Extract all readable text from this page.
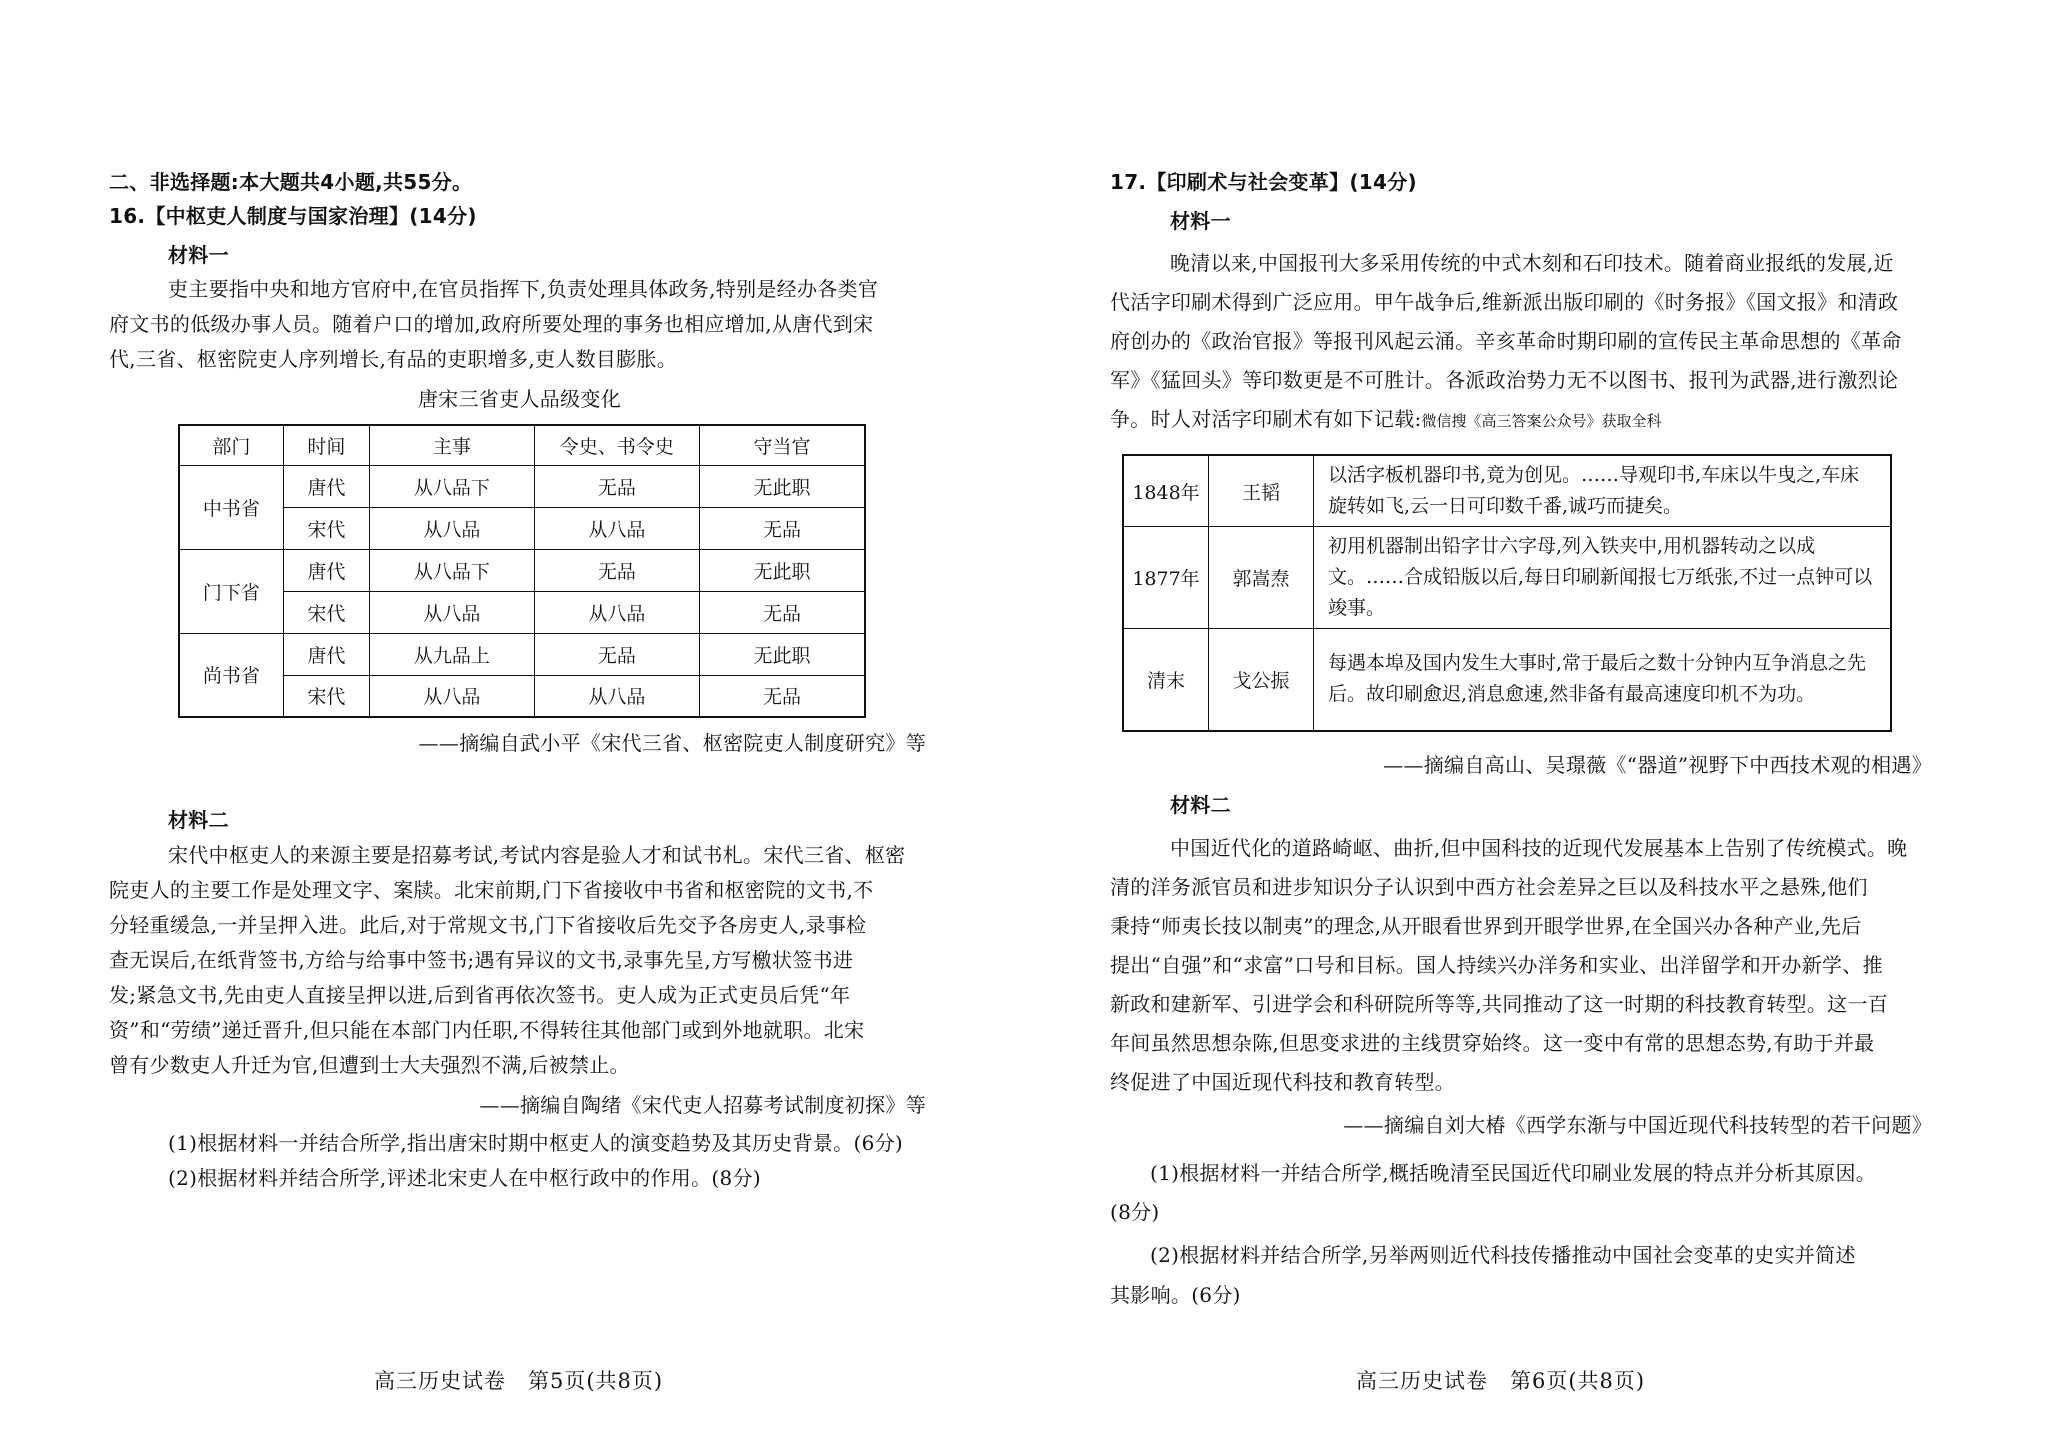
二、非选择题:本大题共4小题,共55分。
16.【中枢吏人制度与国家治理】(14分)
材料一
吏主要指中央和地方官府中,在官员指挥下,负责处理具体政务,特别是经办各类官
府文书的低级办事人员。随着户口的增加,政府所要处理的事务也相应增加,从唐代到宋
代,三省、枢密院吏人序列增长,有品的吏职增多,吏人数目膨胀。
唐宋三省吏人品级变化
部门	时间	主事	令史、书令史	守当官
中书省	唐代	从八品下	无品	无此职
	宋代	从八品	从八品	无品
门下省	唐代	从八品下	无品	无此职
	宋代	从八品	从八品	无品
尚书省	唐代	从九品上	无品	无此职
	宋代	从八品	从八品	无品
——摘编自武小平《宋代三省、枢密院吏人制度研究》等
材料二
宋代中枢吏人的来源主要是招募考试,考试内容是验人才和试书札。宋代三省、枢密
院吏人的主要工作是处理文字、案牍。北宋前期,门下省接收中书省和枢密院的文书,不
分轻重缓急,一并呈押入进。此后,对于常规文书,门下省接收后先交予各房吏人,录事检
查无误后,在纸背签书,方给与给事中签书;遇有异议的文书,录事先呈,方写檄状签书进
发;紧急文书,先由吏人直接呈押以进,后到省再依次签书。吏人成为正式吏员后凭“年
资”和“劳绩”递迁晋升,但只能在本部门内任职,不得转往其他部门或到外地就职。北宋
曾有少数吏人升迁为官,但遭到士大夫强烈不满,后被禁止。
——摘编自陶绪《宋代吏人招募考试制度初探》等
(1)根据材料一并结合所学,指出唐宋时期中枢吏人的演变趋势及其历史背景。(6分)
(2)根据材料并结合所学,评述北宋吏人在中枢行政中的作用。(8分)
高三历史试卷　第5页(共8页)
17.【印刷术与社会变革】(14分)
材料一
晚清以来,中国报刊大多采用传统的中式木刻和石印技术。随着商业报纸的发展,近
代活字印刷术得到广泛应用。甲午战争后,维新派出版印刷的《时务报》《国文报》和清政
府创办的《政治官报》等报刊风起云涌。辛亥革命时期印刷的宣传民主革命思想的《革命
军》《猛回头》等印数更是不可胜计。各派政治势力无不以图书、报刊为武器,进行激烈论
争。时人对活字印刷术有如下记载:微信搜《高三答案公众号》获取全科
1848年	王韬	以活字板机器印书,竟为创见。……导观印书,车床以牛曳之,车床旋转如飞,云一日可印数千番,诚巧而捷矣。
1877年	郭嵩焘	初用机器制出铅字廿六字母,列入铁夹中,用机器转动之以成文。……合成铅版以后,每日印刷新闻报七万纸张,不过一点钟可以竣事。
清末	戈公振	每遇本埠及国内发生大事时,常于最后之数十分钟内互争消息之先后。故印刷愈迟,消息愈速,然非备有最高速度印机不为功。
——摘编自高山、吴璟薇《“器道”视野下中西技术观的相遇》
材料二
中国近代化的道路崎岖、曲折,但中国科技的近现代发展基本上告别了传统模式。晚
清的洋务派官员和进步知识分子认识到中西方社会差异之巨以及科技水平之悬殊,他们
秉持“师夷长技以制夷”的理念,从开眼看世界到开眼学世界,在全国兴办各种产业,先后
提出“自强”和“求富”口号和目标。国人持续兴办洋务和实业、出洋留学和开办新学、推
新政和建新军、引进学会和科研院所等等,共同推动了这一时期的科技教育转型。这一百
年间虽然思想杂陈,但思变求进的主线贯穿始终。这一变中有常的思想态势,有助于并最
终促进了中国近现代科技和教育转型。
——摘编自刘大椿《西学东渐与中国近现代科技转型的若干问题》
(1)根据材料一并结合所学,概括晚清至民国近代印刷业发展的特点并分析其原因。
(8分)
(2)根据材料并结合所学,另举两则近代科技传播推动中国社会变革的史实并简述
其影响。(6分)
高三历史试卷　第6页(共8页)
